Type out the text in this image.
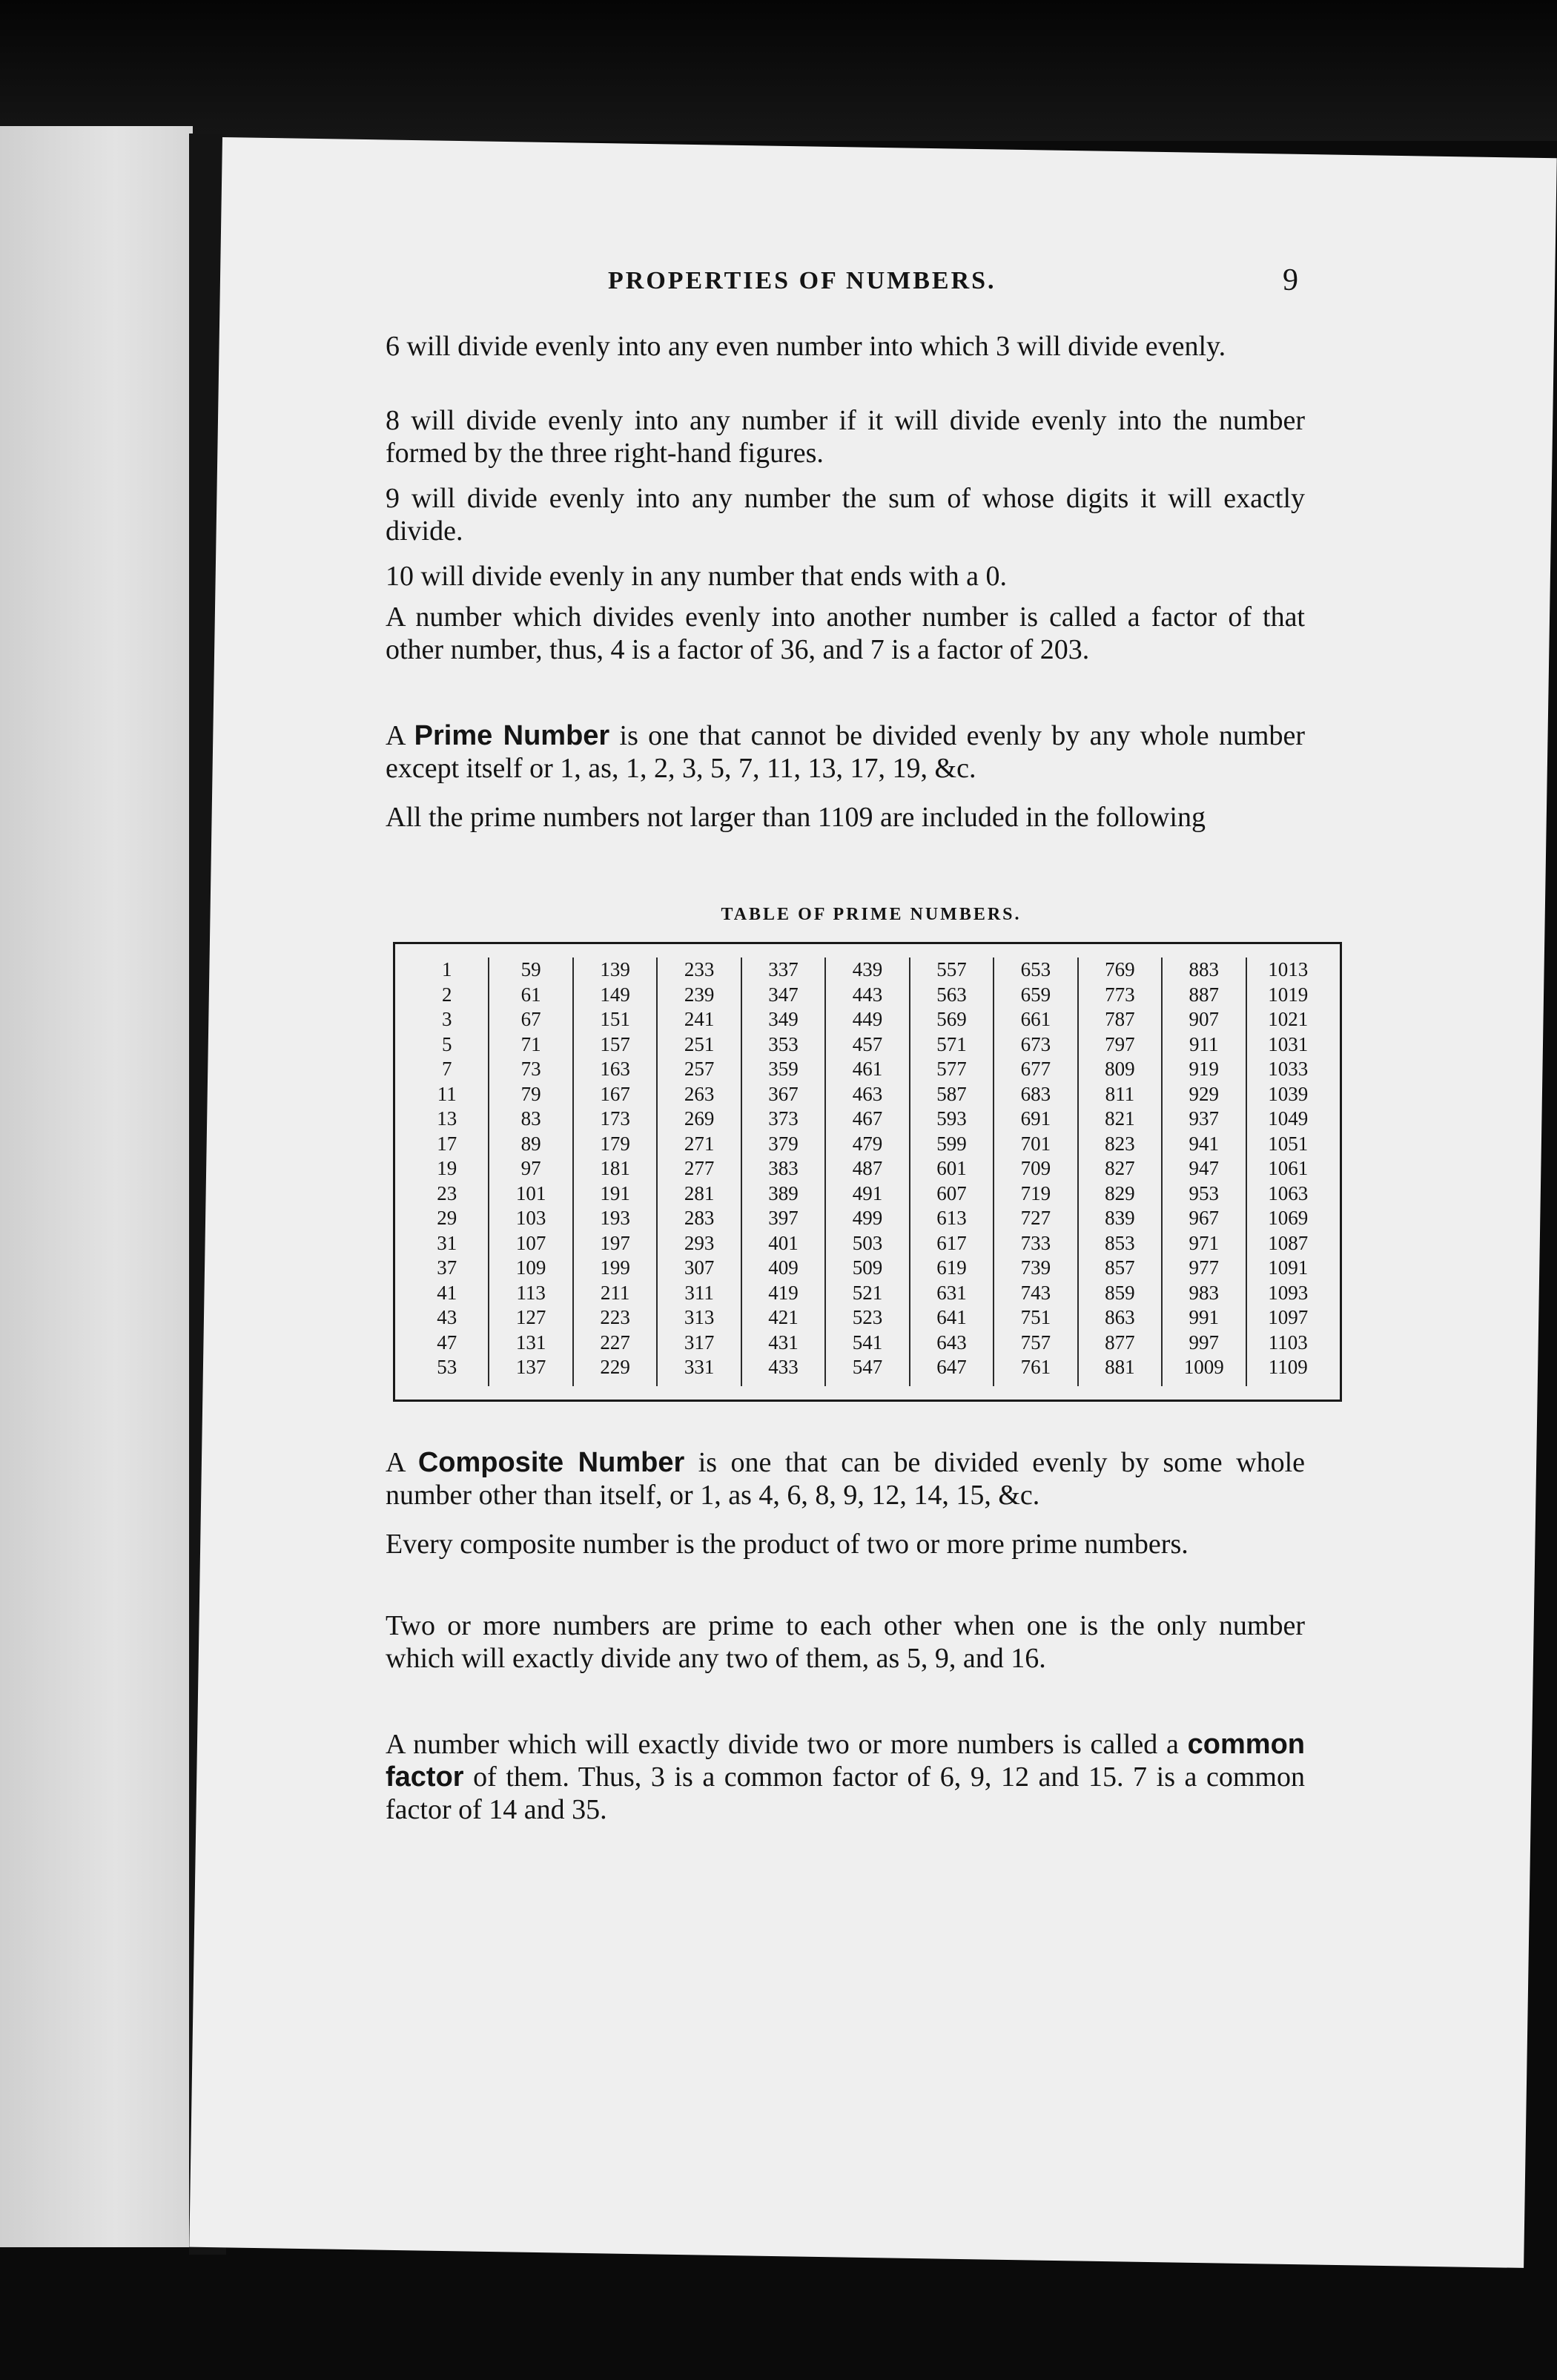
PROPERTIES OF NUMBERS.	9
6 will divide evenly into any even number into which 3 will divide evenly.
8 will divide evenly into any number if it will divide evenly into the number formed by the three right-hand figures.
9 will divide evenly into any number the sum of whose digits it will exactly divide.
10 will divide evenly in any number that ends with a 0.
A number which divides evenly into another number is called a factor of that other number, thus, 4 is a factor of 36, and 7 is a factor of 203.
A Prime Number is one that cannot be divided evenly by any whole number except itself or 1, as, 1, 2, 3, 5, 7, 11, 13, 17, 19, &c.
All the prime numbers not larger than 1109 are included in the following
TABLE OF PRIME NUMBERS.
1
2
3
5
7
11
13
17
19
23
29
31
37
41
43
47
53
59
61
67
71
73
79
83
89
97
101
103
107
109
113
127
131
137
139
149
151
157
163
167
173
179
181
191
193
197
199
211
223
227
229
233
239
241
251
257
263
269
271
277
281
283
293
307
311
313
317
331
337
347
349
353
359
367
373
379
383
389
397
401
409
419
421
431
433
439
443
449
457
461
463
467
479
487
491
499
503
509
521
523
541
547
557
563
569
571
577
587
593
599
601
607
613
617
619
631
641
643
647
653
659
661
673
677
683
691
701
709
719
727
733
739
743
751
757
761
769
773
787
797
809
811
821
823
827
829
839
853
857
859
863
877
881
883
887
907
911
919
929
937
941
947
953
967
971
977
983
991
997
1009
1013
1019
1021
1031
1033
1039
1049
1051
1061
1063
1069
1087
1091
1093
1097
1103
1109
A Composite Number is one that can be divided evenly by some whole number other than itself, or 1, as 4, 6, 8, 9, 12, 14, 15, &c.
Every composite number is the product of two or more prime numbers.
Two or more numbers are prime to each other when one is the only number which will exactly divide any two of them, as 5, 9, and 16.
A number which will exactly divide two or more numbers is called a common factor of them. Thus, 3 is a common factor of 6, 9, 12 and 15. 7 is a common factor of 14 and 35.
